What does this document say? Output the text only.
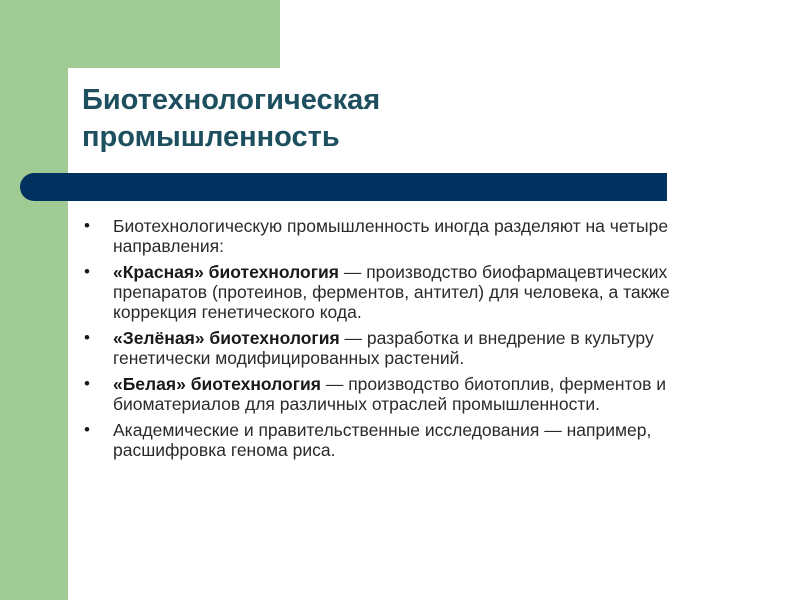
Биотехнологическая
промышленность
• Биотехнологическую промышленность иногда разделяют на четыре направления:
• «Красная» биотехнология — производство биофармацевтических препаратов (протеинов, ферментов, антител) для человека, а также коррекция генетического кода.
• «Зелёная» биотехнология — разработка и внедрение в культуру генетически модифицированных растений.
• «Белая» биотехнология — производство биотоплив, ферментов и биоматериалов для различных отраслей промышленности.
• Академические и правительственные исследования — например, расшифровка генома риса.
